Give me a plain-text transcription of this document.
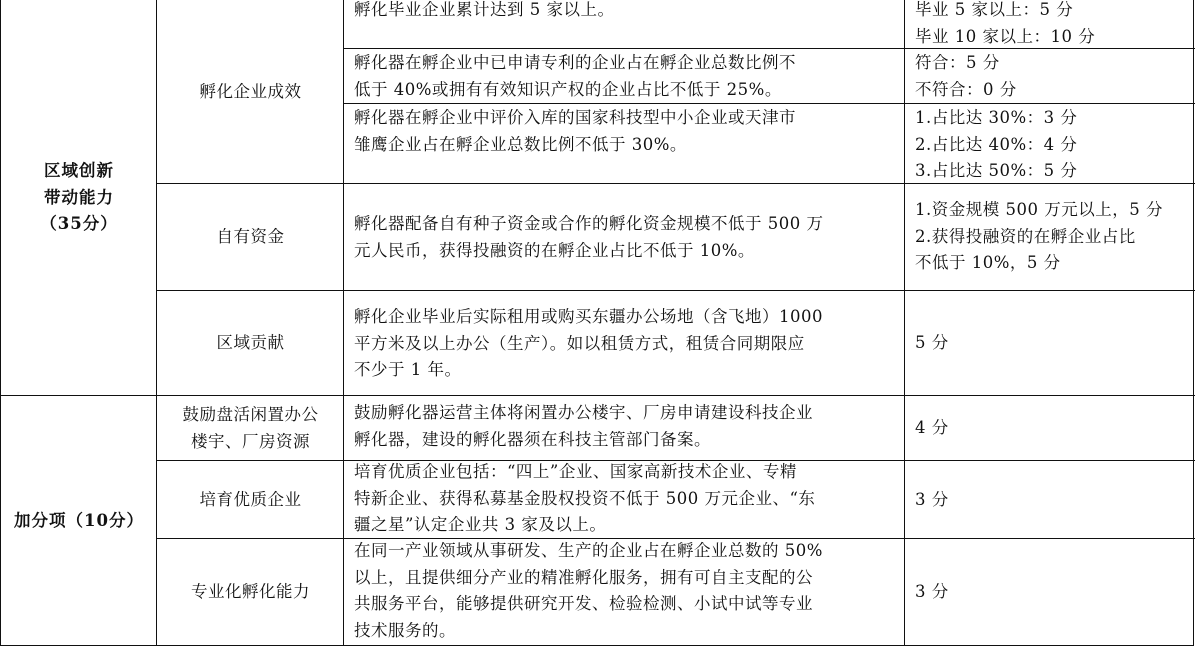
区域创新
带动能力
（35分）
孵化企业成效
孵化毕业企业累计达到 5 家以上。	毕业 5 家以上：5 分
毕业 10 家以上：10 分
孵化器在孵企业中已申请专利的企业占在孵企业总数比例不
低于 40%或拥有有效知识产权的企业占比不低于 25%。
符合：5 分
不符合：0 分
孵化器在孵企业中评价入库的国家科技型中小企业或天津市
雏鹰企业占在孵企业总数比例不低于 30%。
1.占比达 30%：3 分
2.占比达 40%：4 分
3.占比达 50%：5 分
自有资金
孵化器配备自有种子资金或合作的孵化资金规模不低于 500 万
元人民币，获得投融资的在孵企业占比不低于 10%。
1.资金规模 500 万元以上，5 分
2.获得投融资的在孵企业占比
不低于 10%，5 分
区域贡献
孵化企业毕业后实际租用或购买东疆办公场地（含飞地）1000
平方米及以上办公（生产）。如以租赁方式，租赁合同期限应
不少于 1 年。
5 分
加分项（10分）
鼓励盘活闲置办公
楼宇、厂房资源
鼓励孵化器运营主体将闲置办公楼宇、厂房申请建设科技企业
孵化器，建设的孵化器须在科技主管部门备案。
4 分
培育优质企业
培育优质企业包括：“四上”企业、国家高新技术企业、专精
特新企业、获得私募基金股权投资不低于 500 万元企业、“东
疆之星”认定企业共 3 家及以上。
3 分
专业化孵化能力
在同一产业领域从事研发、生产的企业占在孵企业总数的 50%
以上，且提供细分产业的精准孵化服务，拥有可自主支配的公
共服务平台，能够提供研究开发、检验检测、小试中试等专业
技术服务的。
3 分
